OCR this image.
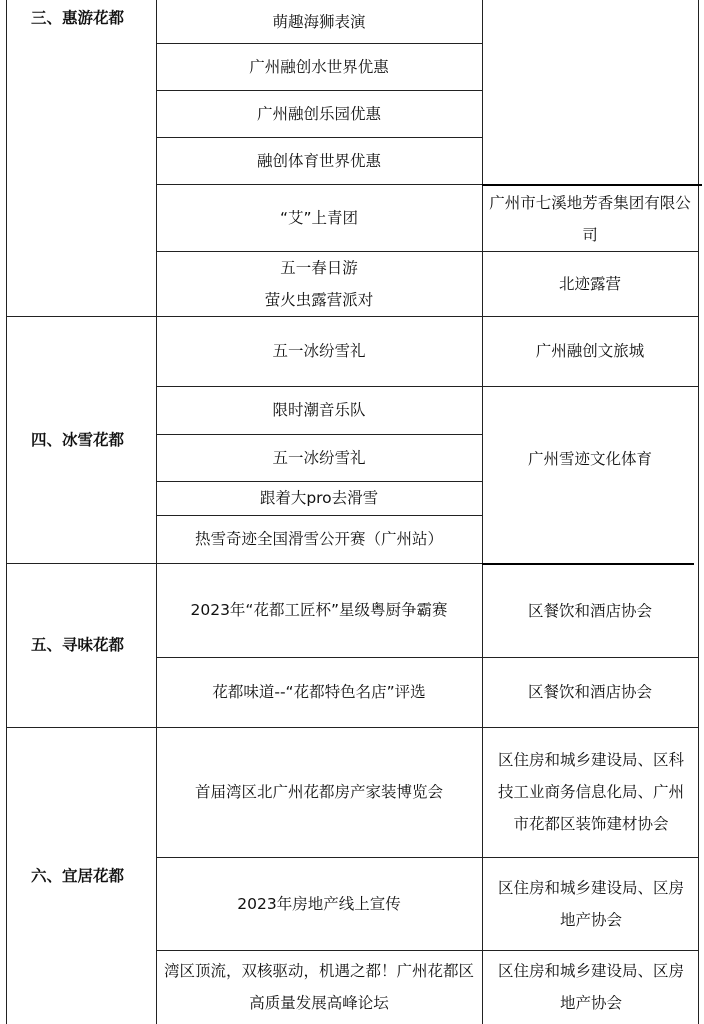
三、惠游花都	萌趣海狮表演
广州融创水世界优惠
广州融创乐园优惠
融创体育世界优惠
“艾”上青团
五一春日游
萤火虫露营派对
广州市七溪地芳香集团有限公司
北迹露营
四、冰雪花都
五一冰纷雪礼
限时潮音乐队
五一冰纷雪礼
跟着大pro去滑雪
热雪奇迹全国滑雪公开赛（广州站）
广州融创文旅城
广州雪迹文化体育
五、寻味花都
2023年“花都工匠杯”星级粤厨争霸赛
花都味道--“花都特色名店”评选
区餐饮和酒店协会
区餐饮和酒店协会
六、宜居花都
首届湾区北广州花都房产家装博览会
2023年房地产线上宣传
湾区顶流，双核驱动，机遇之都！广州花都区高质量发展高峰论坛
区住房和城乡建设局、区科技工业商务信息化局、广州市花都区装饰建材协会
区住房和城乡建设局、区房地产协会
区住房和城乡建设局、区房地产协会
